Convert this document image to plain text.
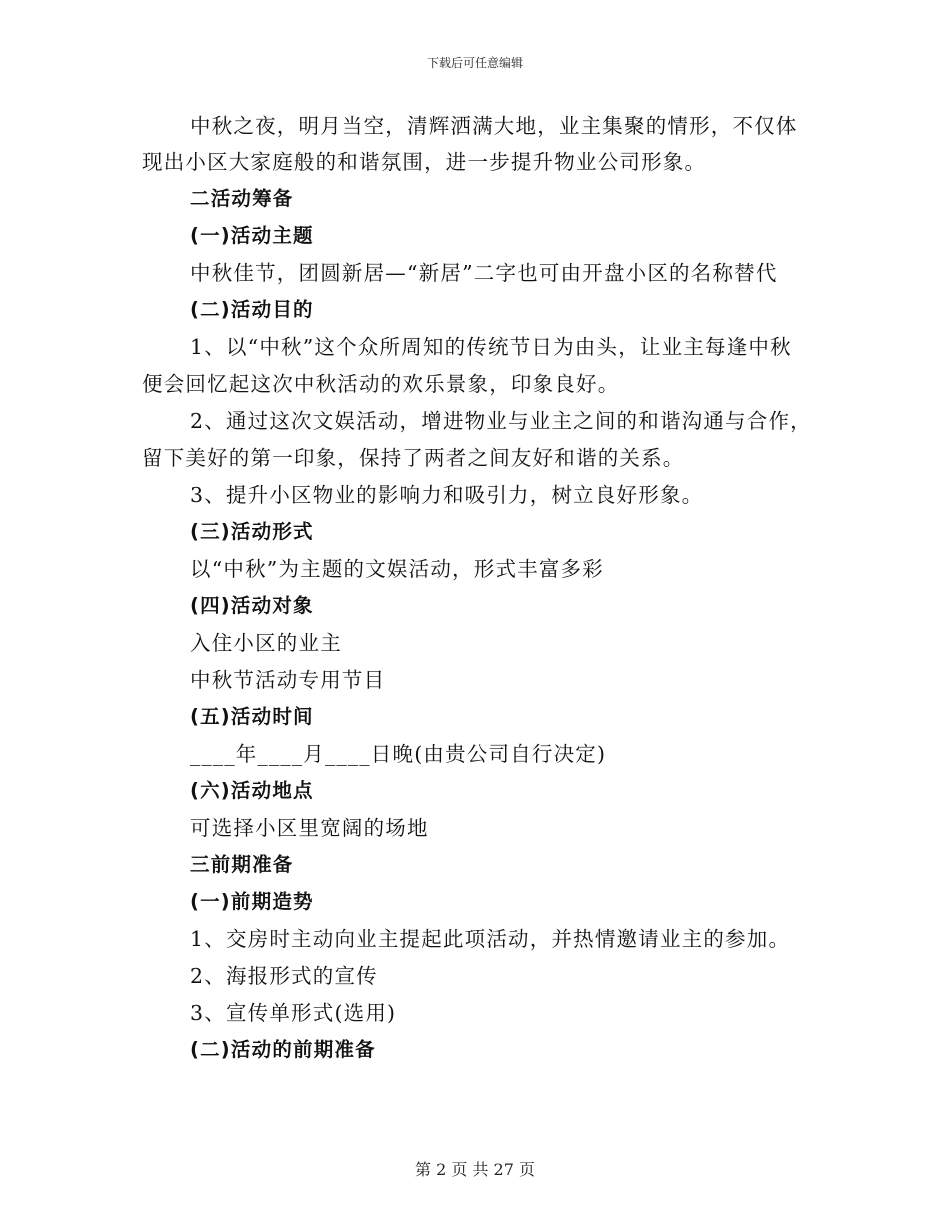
下载后可任意编辑
中秋之夜，明月当空，清辉洒满大地，业主集聚的情形，不仅体
现出小区大家庭般的和谐氛围，进一步提升物业公司形象。
二活动筹备
(一)活动主题
中秋佳节，团圆新居—“新居”二字也可由开盘小区的名称替代
(二)活动目的
1、以“中秋”这个众所周知的传统节日为由头，让业主每逢中秋
便会回忆起这次中秋活动的欢乐景象，印象良好。
2、通过这次文娱活动，增进物业与业主之间的和谐沟通与合作，
留下美好的第一印象，保持了两者之间友好和谐的关系。
3、提升小区物业的影响力和吸引力，树立良好形象。
(三)活动形式
以“中秋”为主题的文娱活动，形式丰富多彩
(四)活动对象
入住小区的业主
中秋节活动专用节目
(五)活动时间
____年____月____日晚(由贵公司自行决定)
(六)活动地点
可选择小区里宽阔的场地
三前期准备
(一)前期造势
1、交房时主动向业主提起此项活动，并热情邀请业主的参加。
2、海报形式的宣传
3、宣传单形式(选用)
(二)活动的前期准备
第 2 页 共 27 页
